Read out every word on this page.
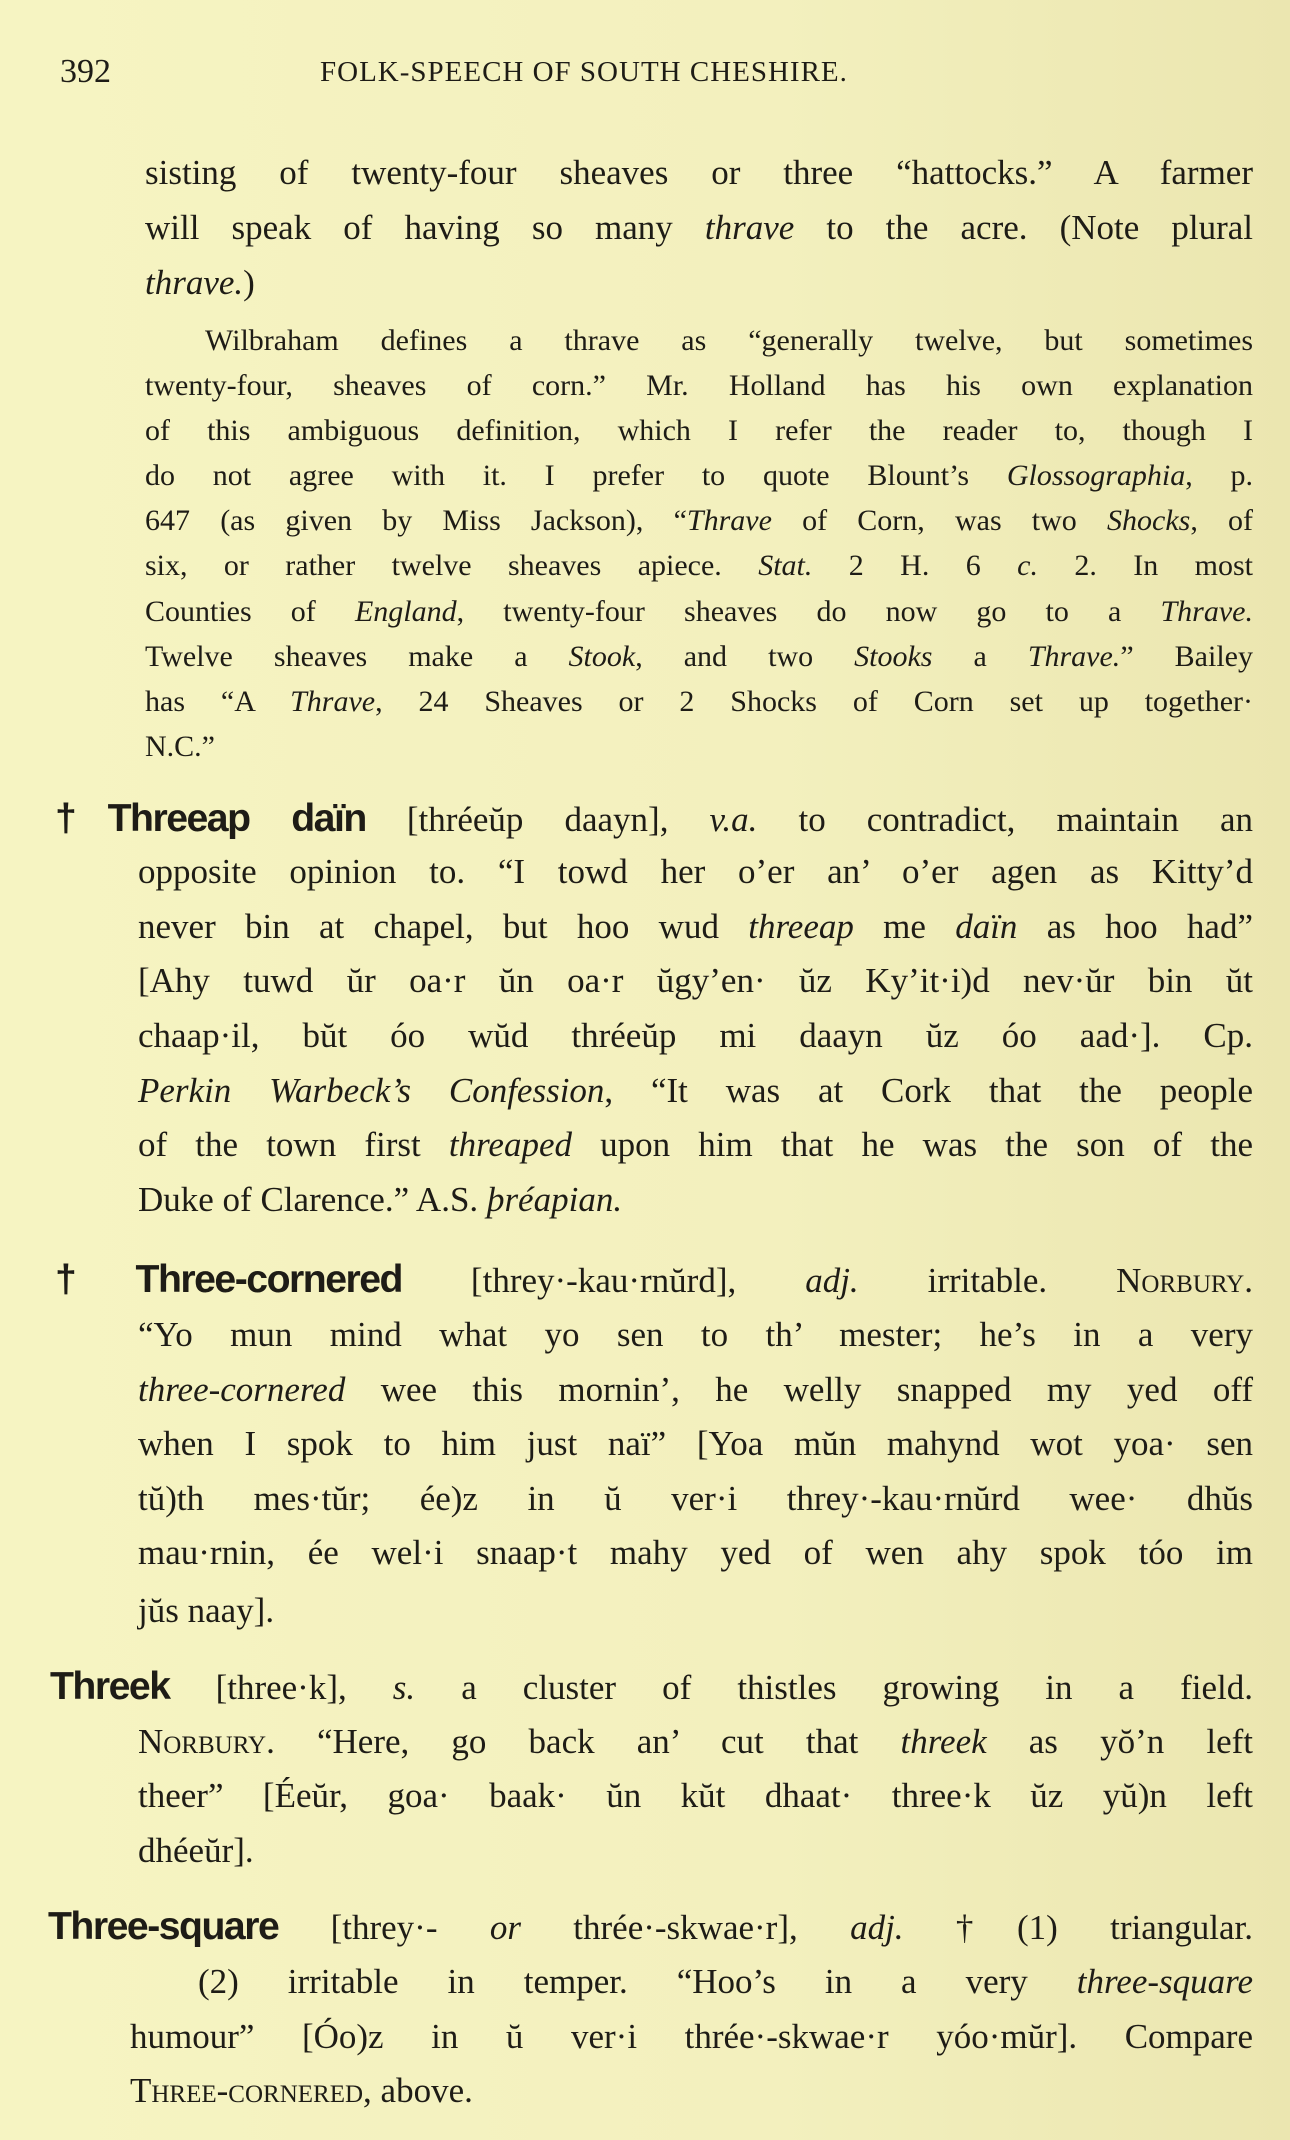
392	FOLK-SPEECH OF SOUTH CHESHIRE.
sisting of twenty-four sheaves or three “hattocks.” A farmer
will speak of having so many thrave to the acre. (Note plural
thrave.)
Wilbraham defines a thrave as “generally twelve, but sometimes
twenty-four, sheaves of corn.” Mr. Holland has his own explanation
of this ambiguous definition, which I refer the reader to, though I
do not agree with it. I prefer to quote Blount’s Glossographia, p.
647 (as given by Miss Jackson), “Thrave of Corn, was two Shocks, of
six, or rather twelve sheaves apiece. Stat. 2 H. 6 c. 2. In most
Counties of England, twenty-four sheaves do now go to a Thrave.
Twelve sheaves make a Stook, and two Stooks a Thrave.” Bailey
has “A Thrave, 24 Sheaves or 2 Shocks of Corn set up together·
N.C.”
†Threeap daïn [thréeŭp daayn], v.a. to contradict, maintain an
opposite opinion to. “I towd her o’er an’ o’er agen as Kitty’d
never bin at chapel, but hoo wud threeap me daïn as hoo had”
[Ahy tuwd ŭr oa·r ŭn oa·r ŭgy’en· ŭz Ky’it·i)d nev·ŭr bin ŭt
chaap·il, bŭt óo wŭd thréeŭp mi daayn ŭz óo aad·]. Cp.
Perkin Warbeck’s Confession, “It was at Cork that the people
of the town first threaped upon him that he was the son of the
Duke of Clarence.” A.S. þréapian.
†Three-cornered [threy·-kau·rnŭrd], adj. irritable. Norbury.
“Yo mun mind what yo sen to th’ mester; he’s in a very
three-cornered wee this mornin’, he welly snapped my yed off
when I spok to him just naï” [Yoa mŭn mahynd wot yoa· sen
tŭ)th mes·tŭr; ée)z in ŭ ver·i threy·-kau·rnŭrd wee· dhŭs
mau·rnin, ée wel·i snaap·t mahy yed of wen ahy spok tóo im
jŭs naay].
Threek [three·k], s. a cluster of thistles growing in a field.
Norbury. “Here, go back an’ cut that threek as yŏ’n left
theer” [Éeŭr, goa· baak· ŭn kŭt dhaat· three·k ŭz yŭ)n left
dhéeŭr].
Three-square [threy·- or thrée·-skwae·r], adj. †(1) triangular.
(2) irritable in temper. “Hoo’s in a very three-square
humour” [Óo)z in ŭ ver·i thrée·-skwae·r yóo·mŭr]. Compare
Three-cornered, above.
